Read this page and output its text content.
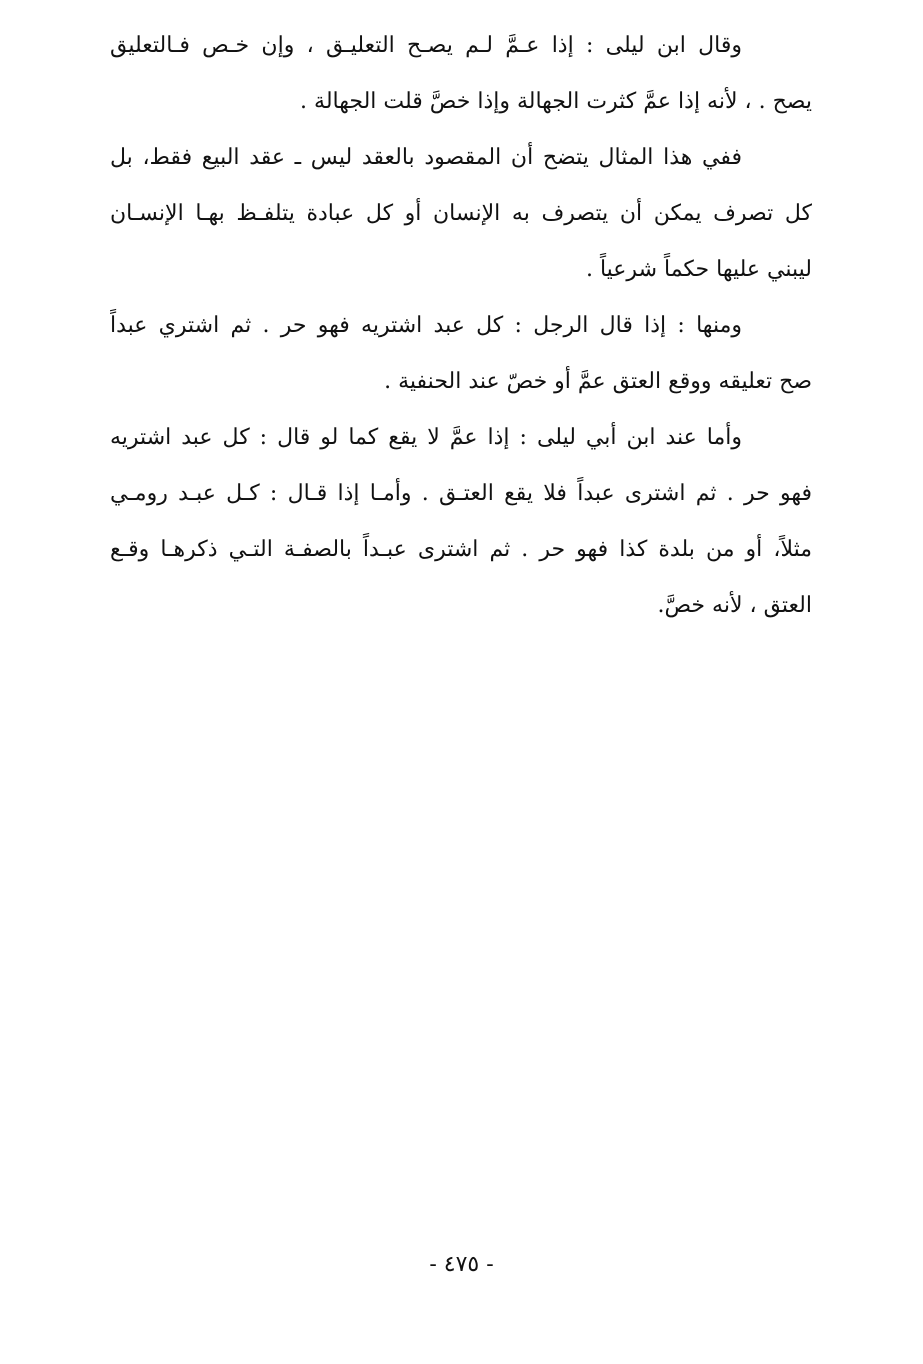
وقال ابن ليلى : إذا عـمَّ لـم يصـح التعليـق ، وإن خـص فـالتعليق
يصح . ، لأنه إذا عمَّ كثرت الجهالة وإذا خصَّ قلت الجهالة .
ففي هذا المثال يتضح أن المقصود بالعقد ليس ـ عقد البيع فقط، بل
كل تصرف يمكن أن يتصرف به الإنسان أو كل عبادة يتلفـظ بهـا الإنسـان
ليبني عليها حكماً شرعياً .
ومنها : إذا قال الرجل : كل عبد اشتريه فهو حر . ثم اشتري عبداً
صح تعليقه ووقع العتق عمَّ أو خصّ عند الحنفية .
وأما عند ابن أبي ليلى : إذا عمَّ لا يقع كما لو قال : كل عبد اشتريه
فهو حر . ثم اشترى عبداً فلا يقع العتـق . وأمـا إذا قـال : كـل عبـد رومـي
مثلاً، أو من بلدة كذا فهو حر . ثم اشترى عبـداً بالصفـة التـي ذكرهـا وقـع
العتق ، لأنه خصَّ.
- ٤٧٥ -
